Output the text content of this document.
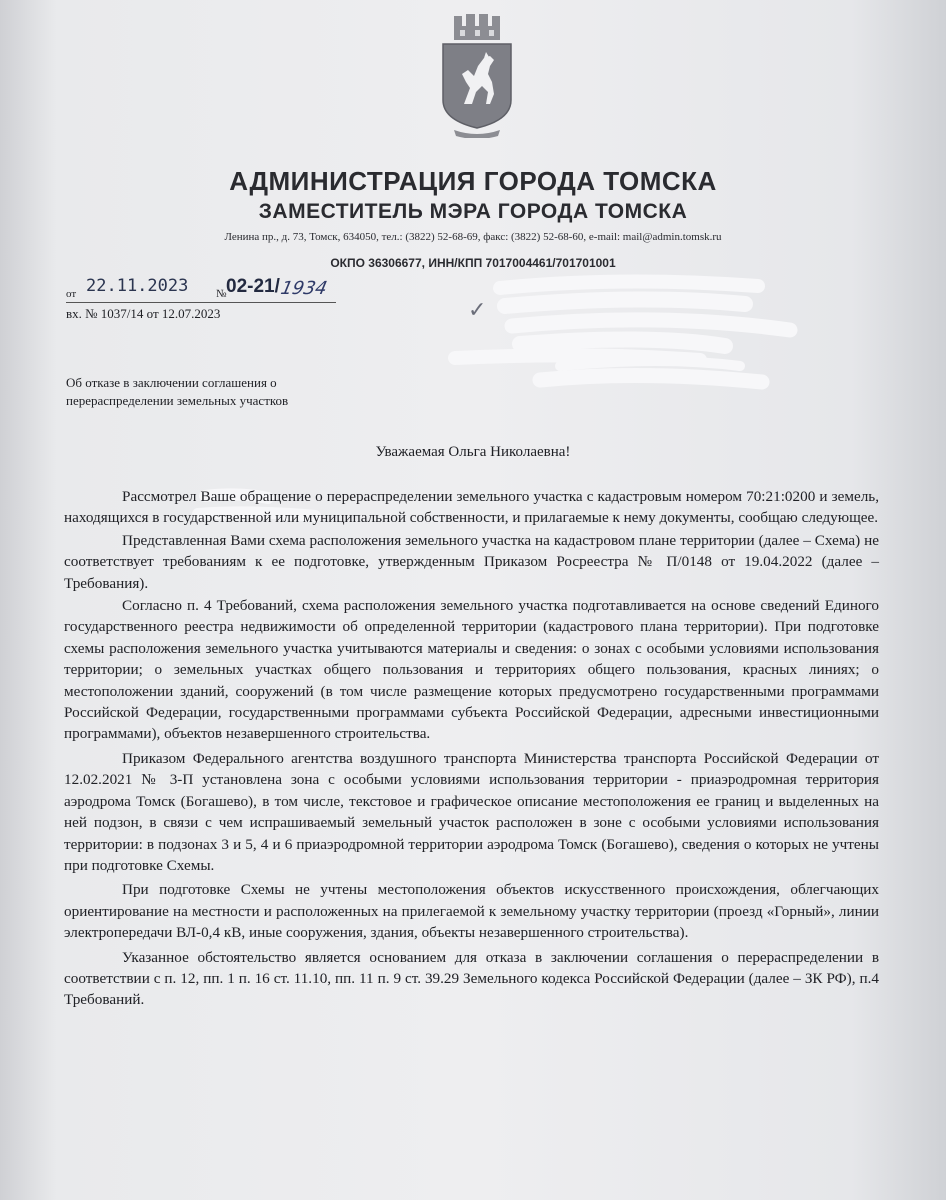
АДМИНИСТРАЦИЯ ГОРОДА ТОМСКА
ЗАМЕСТИТЕЛЬ МЭРА ГОРОДА ТОМСКА
Ленина пр., д. 73, Томск, 634050, тел.: (3822) 52-68-69, факс: (3822) 52-68-60, e-mail: mail@admin.tomsk.ru
ОКПО 36306677, ИНН/КПП 7017004461/701701001
от 22.11.2023	№ 02-21/
1934
вх. № 1037/14 от 12.07.2023	✓
ск 634029
Об отказе в заключении соглашения о перераспределении земельных участков
Уважаемая Ольга Николаевна!

Рассмотрел Ваше обращение о перераспределении земельного участка с кадастровым номером 70:21:0200 и земель, находящихся в государственной или муниципальной собственности, и прилагаемые к нему документы, сообщаю следующее.

Представленная Вами схема расположения земельного участка на кадастровом плане территории (далее – Схема) не соответствует требованиям к ее подготовке, утвержденным Приказом Росреестра № П/0148 от 19.04.2022 (далее – Требования).

Согласно п. 4 Требований, схема расположения земельного участка подготавливается на основе сведений Единого государственного реестра недвижимости об определенной территории (кадастрового плана территории). При подготовке схемы расположения земельного участка учитываются материалы и сведения: о зонах с особыми условиями использования территории; о земельных участках общего пользования и территориях общего пользования, красных линиях; о местоположении зданий, сооружений (в том числе размещение которых предусмотрено государственными программами Российской Федерации, государственными программами субъекта Российской Федерации, адресными инвестиционными программами), объектов незавершенного строительства.

Приказом Федерального агентства воздушного транспорта Министерства транспорта Российской Федерации от 12.02.2021 № 3-П установлена зона с особыми условиями использования территории - приаэродромная территория аэродрома Томск (Богашево), в том числе, текстовое и графическое описание местоположения ее границ и выделенных на ней подзон, в связи с чем испрашиваемый земельный участок расположен в зоне с особыми условиями использования территории: в подзонах 3 и 5, 4 и 6 приаэродромной территории аэродрома Томск (Богашево), сведения о которых не учтены при подготовке Схемы.

При подготовке Схемы не учтены местоположения объектов искусственного происхождения, облегчающих ориентирование на местности и расположенных на прилегаемой к земельному участку территории (проезд «Горный», линии электропередачи ВЛ-0,4 кВ, иные сооружения, здания, объекты незавершенного строительства).

Указанное обстоятельство является основанием для отказа в заключении соглашения о перераспределении в соответствии с п. 12, пп. 1 п. 16 ст. 11.10, пп. 11 п. 9 ст. 39.29 Земельного кодекса Российской Федерации (далее – ЗК РФ), п.4 Требований.
